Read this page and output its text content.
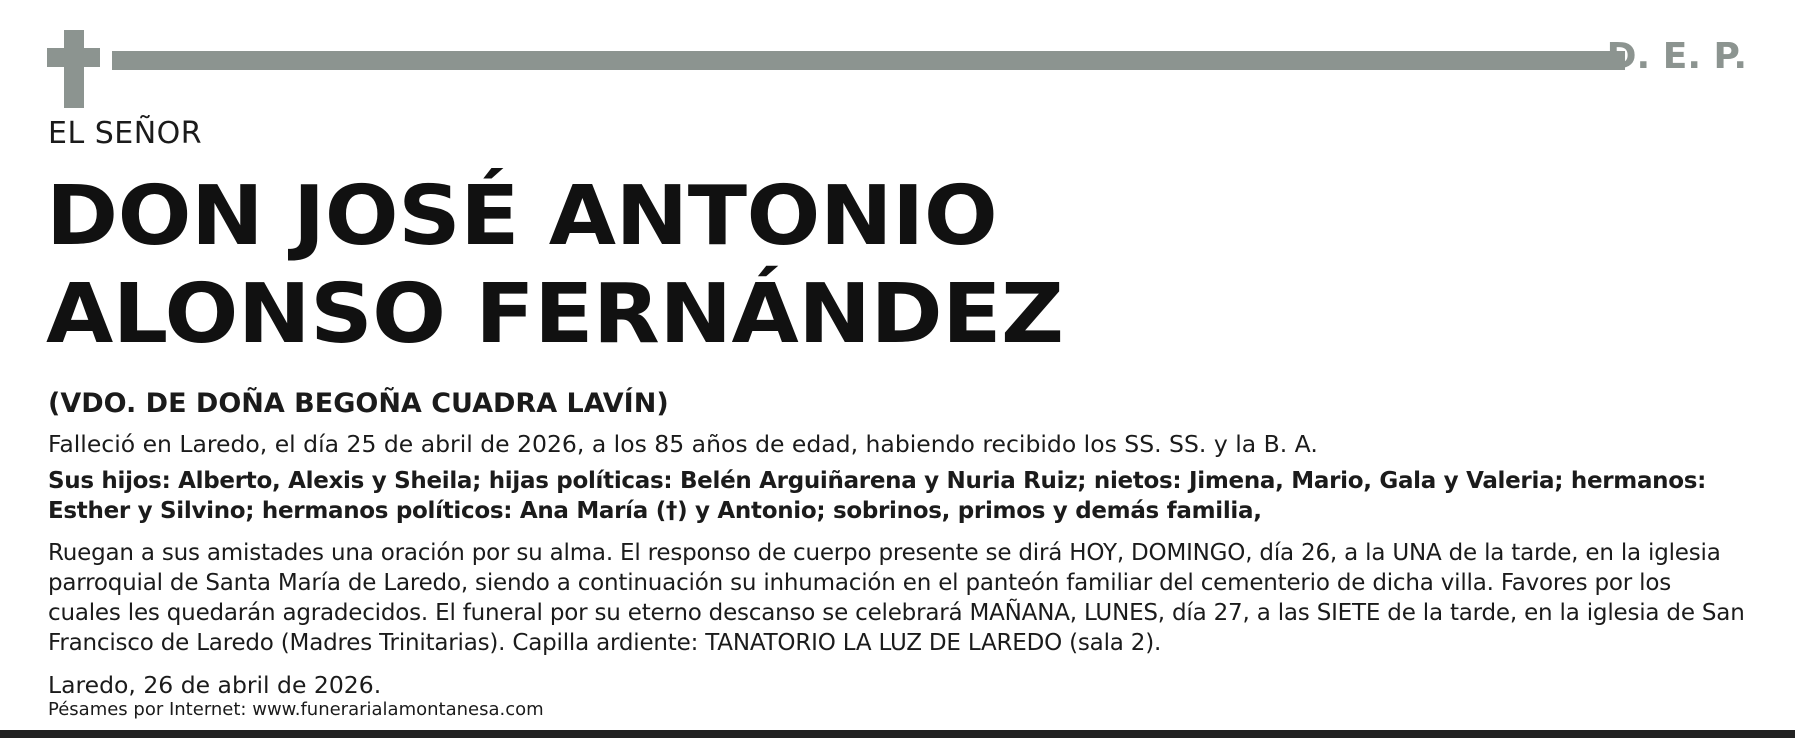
D. E. P.
EL SEÑOR
DON JOSÉ ANTONIO
ALONSO FERNÁNDEZ
(VDO. DE DOÑA BEGOÑA CUADRA LAVÍN)
Falleció en Laredo, el día 25 de abril de 2026, a los 85 años de edad, habiendo recibido los SS. SS. y la B. A.
Sus hijos: Alberto, Alexis y Sheila; hijas políticas: Belén Arguiñarena y Nuria Ruiz; nietos: Jimena, Mario, Gala y Valeria; hermanos: Esther y Silvino; hermanos políticos: Ana María (†) y Antonio; sobrinos, primos y demás familia,
Ruegan a sus amistades una oración por su alma. El responso de cuerpo presente se dirá HOY, DOMINGO, día 26, a la UNA de la tarde, en la iglesia parroquial de Santa María de Laredo, siendo a continuación su inhumación en el panteón familiar del cementerio de dicha villa. Favores por los cuales les quedarán agradecidos. El funeral por su eterno descanso se celebrará MAÑANA, LUNES, día 27, a las SIETE de la tarde, en la iglesia de San Francisco de Laredo (Madres Trinitarias). Capilla ardiente: TANATORIO LA LUZ DE LAREDO (sala 2).
Laredo, 26 de abril de 2026.
Pésames por Internet: www.funerarialamontanesa.com
